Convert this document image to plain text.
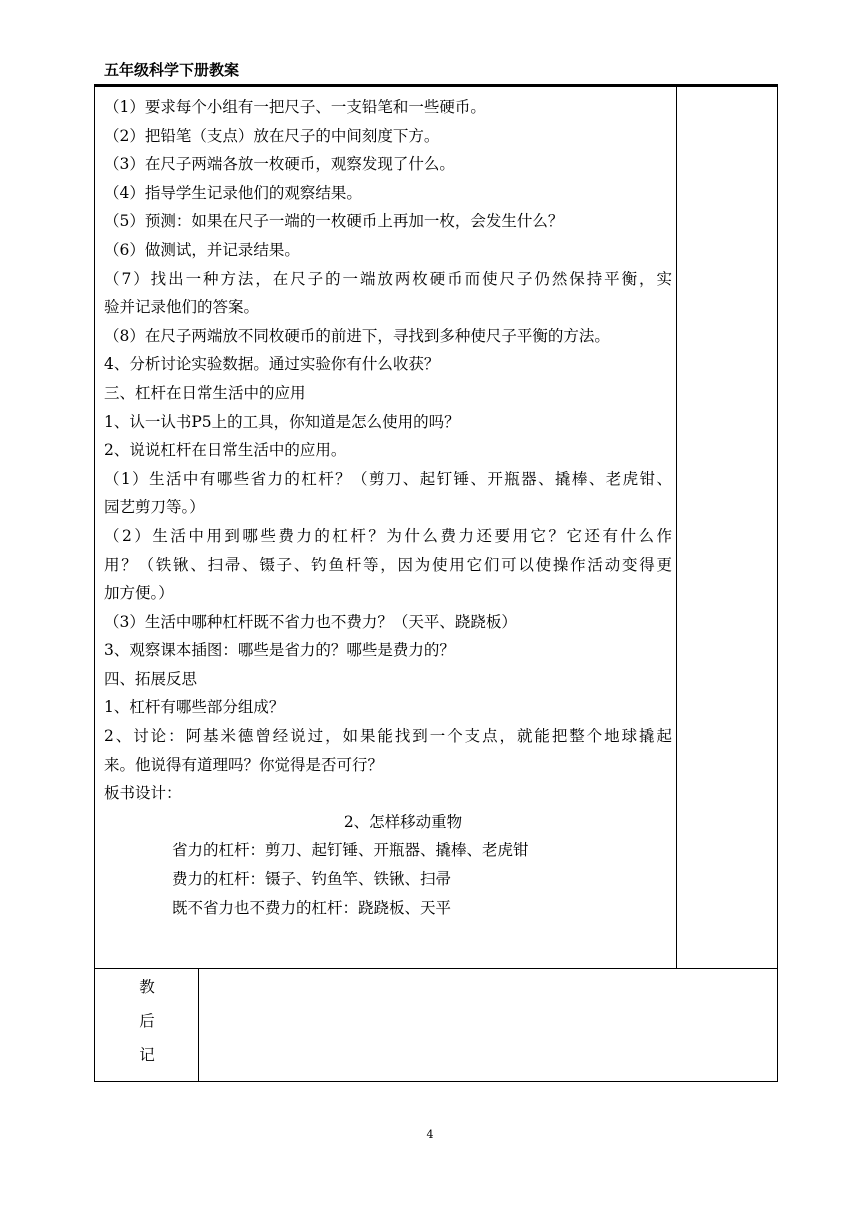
五年级科学下册教案
（1）要求每个小组有一把尺子、一支铅笔和一些硬币。
（2）把铅笔（支点）放在尺子的中间刻度下方。
（3）在尺子两端各放一枚硬币，观察发现了什么。
（4）指导学生记录他们的观察结果。
（5）预测：如果在尺子一端的一枚硬币上再加一枚，会发生什么？
（6）做测试，并记录结果。
（7）找出一种方法，在尺子的一端放两枚硬币而使尺子仍然保持平衡，实
验并记录他们的答案。
（8）在尺子两端放不同枚硬币的前进下，寻找到多种使尺子平衡的方法。
4、分析讨论实验数据。通过实验你有什么收获？
三、杠杆在日常生活中的应用
1、认一认书P5上的工具，你知道是怎么使用的吗？
2、说说杠杆在日常生活中的应用。
（1）生活中有哪些省力的杠杆？（剪刀、起钉锤、开瓶器、撬棒、老虎钳、
园艺剪刀等。）
（2）生活中用到哪些费力的杠杆？为什么费力还要用它？它还有什么作
用？（铁锹、扫帚、镊子、钓鱼杆等，因为使用它们可以使操作活动变得更
加方便。）
（3）生活中哪种杠杆既不省力也不费力？（天平、跷跷板）
3、观察课本插图：哪些是省力的？哪些是费力的？
四、拓展反思
1、杠杆有哪些部分组成？
2、讨论：阿基米德曾经说过，如果能找到一个支点，就能把整个地球撬起
来。他说得有道理吗？你觉得是否可行？
板书设计：
2、怎样移动重物
省力的杠杆：剪刀、起钉锤、开瓶器、撬棒、老虎钳
费力的杠杆：镊子、钓鱼竿、铁锹、扫帚
既不省力也不费力的杠杆：跷跷板、天平
教
后
记
4
